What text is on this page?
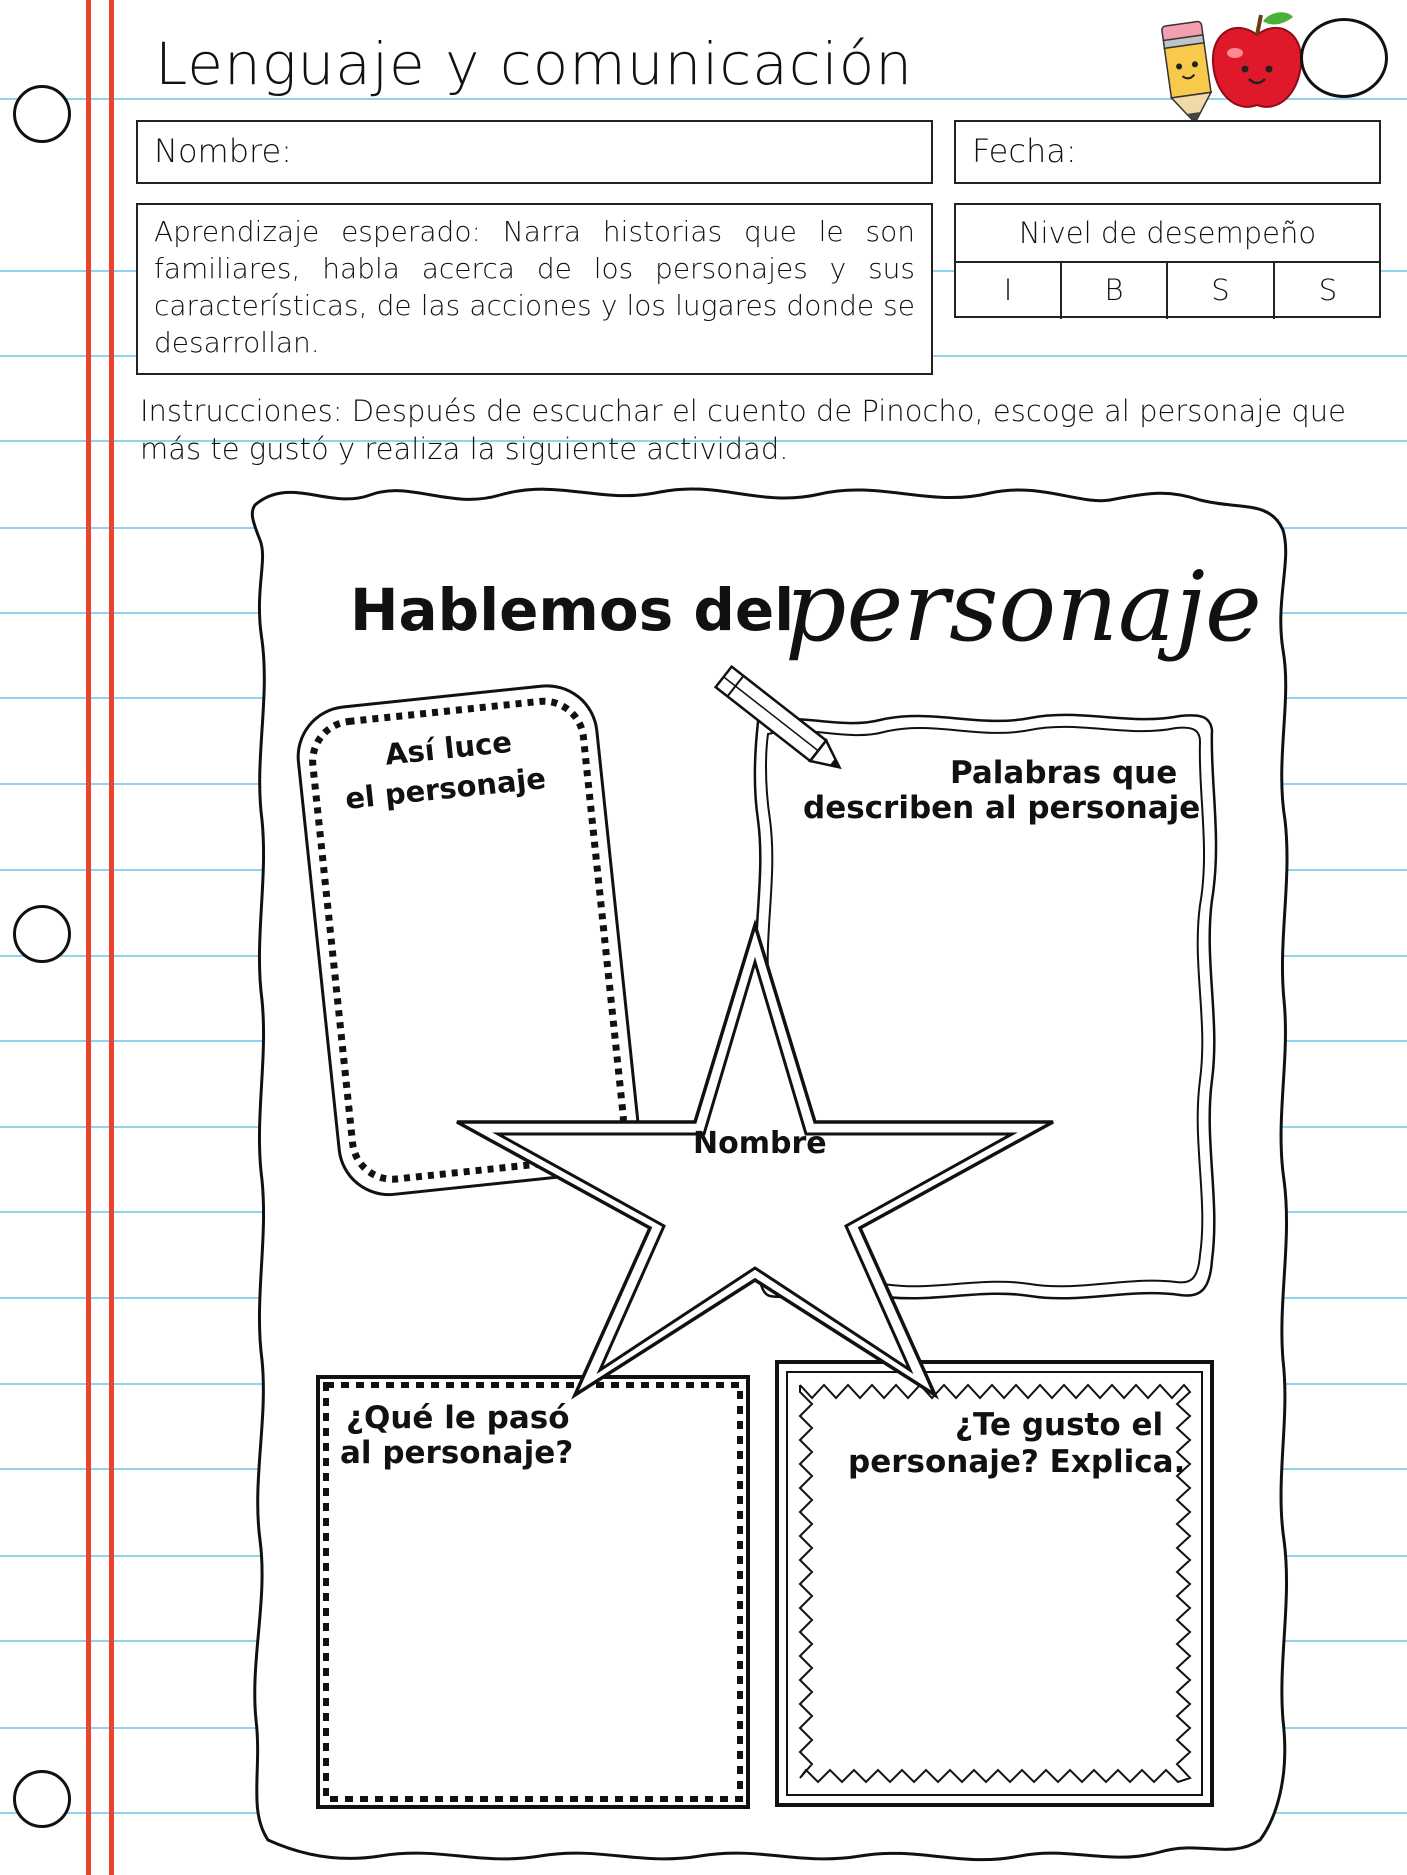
Lenguaje y comunicación
Nombre:	Fecha:
Aprendizaje esperado: Narra historias que le son familiares, habla acerca de los personajes y sus características, de las acciones y los lugares donde se desarrollan.
Nivel de desempeño
I	B	S	S
Instrucciones: Después de escuchar el cuento de Pinocho, escoge al personaje que más te gustó y realiza la siguiente actividad.
Hablemos del
personaje
Así luce
el personaje	Palabras que
describen al personaje
¿Qué le pasó
al personaje?
¿Te gusto el
personaje? Explica.
Nombre
